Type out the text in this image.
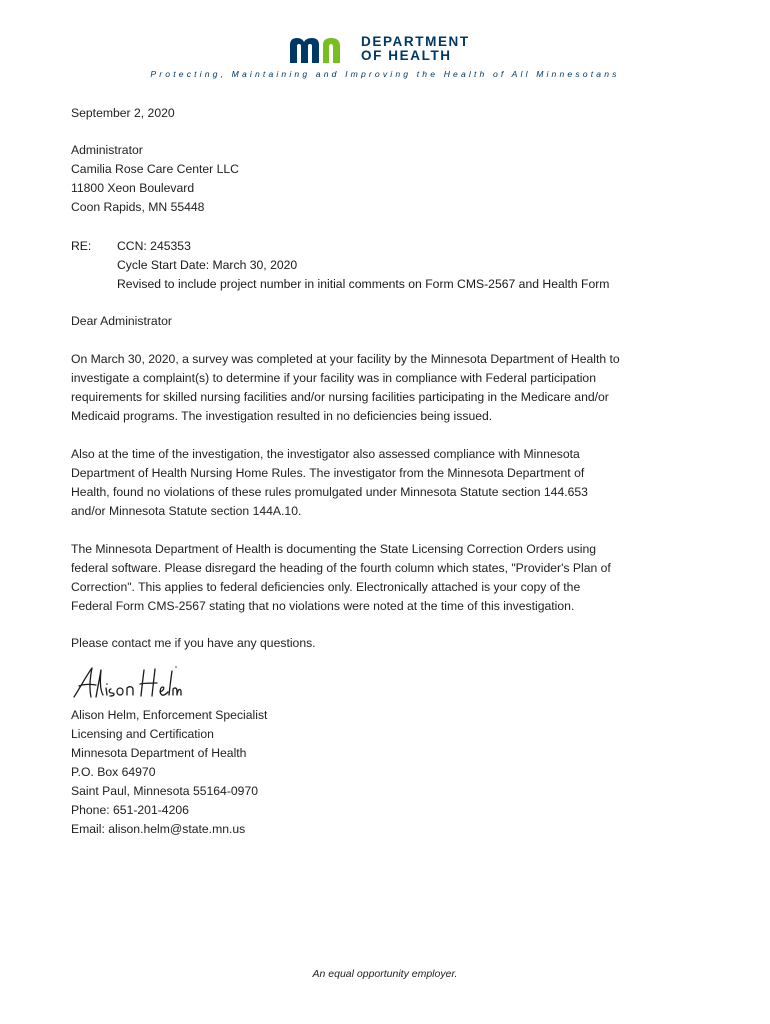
DEPARTMENT
OF HEALTH
Protecting, Maintaining and Improving the Health of All Minnesotans
September 2, 2020
Administrator
Camilia Rose Care Center LLC
11800 Xeon Boulevard
Coon Rapids, MN 55448
RE: CCN: 245353
Cycle Start Date: March 30, 2020
Revised to include project number in initial comments on Form CMS-2567 and Health Form
Dear Administrator
On March 30, 2020, a survey was completed at your facility by the Minnesota Department of Health to
investigate a complaint(s) to determine if your facility was in compliance with Federal participation
requirements for skilled nursing facilities and/or nursing facilities participating in the Medicare and/or
Medicaid programs. The investigation resulted in no deficiencies being issued.
Also at the time of the investigation, the investigator also assessed compliance with Minnesota
Department of Health Nursing Home Rules. The investigator from the Minnesota Department of
Health, found no violations of these rules promulgated under Minnesota Statute section 144.653
and/or Minnesota Statute section 144A.10.
The Minnesota Department of Health is documenting the State Licensing Correction Orders using
federal software. Please disregard the heading of the fourth column which states, "Provider's Plan of
Correction". This applies to federal deficiencies only. Electronically attached is your copy of the
Federal Form CMS-2567 stating that no violations were noted at the time of this investigation.
Please contact me if you have any questions.
Alison Helm, Enforcement Specialist
Licensing and Certification
Minnesota Department of Health
P.O. Box 64970
Saint Paul, Minnesota 55164-0970
Phone: 651-201-4206
Email: alison.helm@state.mn.us
An equal opportunity employer.
